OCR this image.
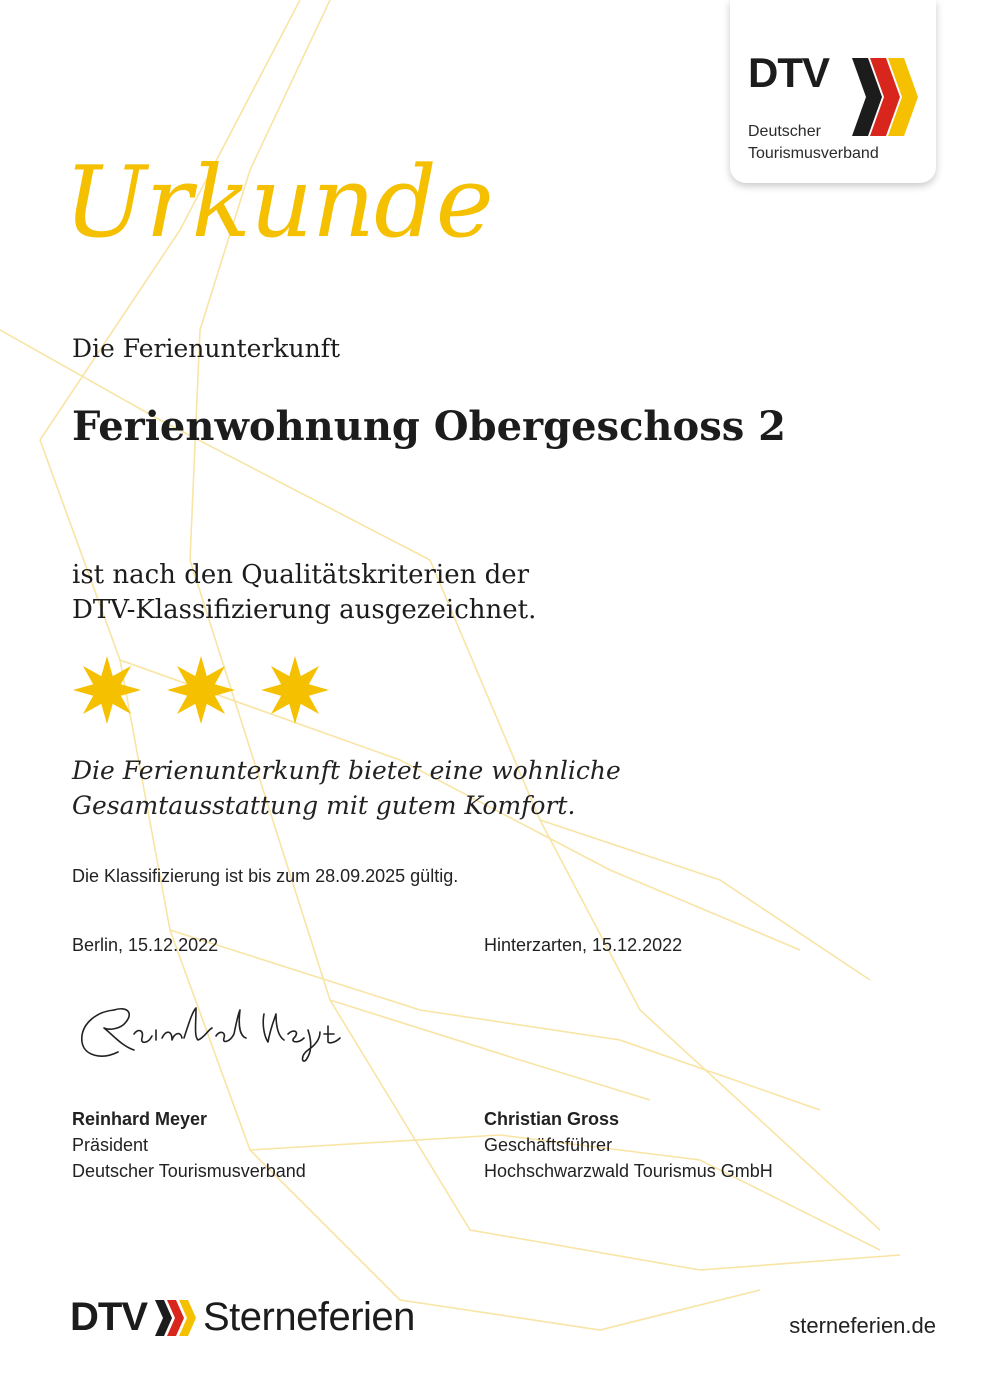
DTV
Deutscher
Tourismusverband
Urkunde
Die Ferienunterkunft
Ferienwohnung Obergeschoss 2
ist nach den Qualitätskriterien der
DTV-Klassifizierung ausgezeichnet.
Die Ferienunterkunft bietet eine wohnliche
Gesamtausstattung mit gutem Komfort.
Die Klassifizierung ist bis zum 28.09.2025 gültig.
Berlin, 15.12.2022	Hinterzarten, 15.12.2022
Reinhard Meyer
Präsident
Deutscher Tourismusverband
Christian Gross
Geschäftsführer
Hochschwarzwald Tourismus GmbH
DTV Sterneferien	sterneferien.de
